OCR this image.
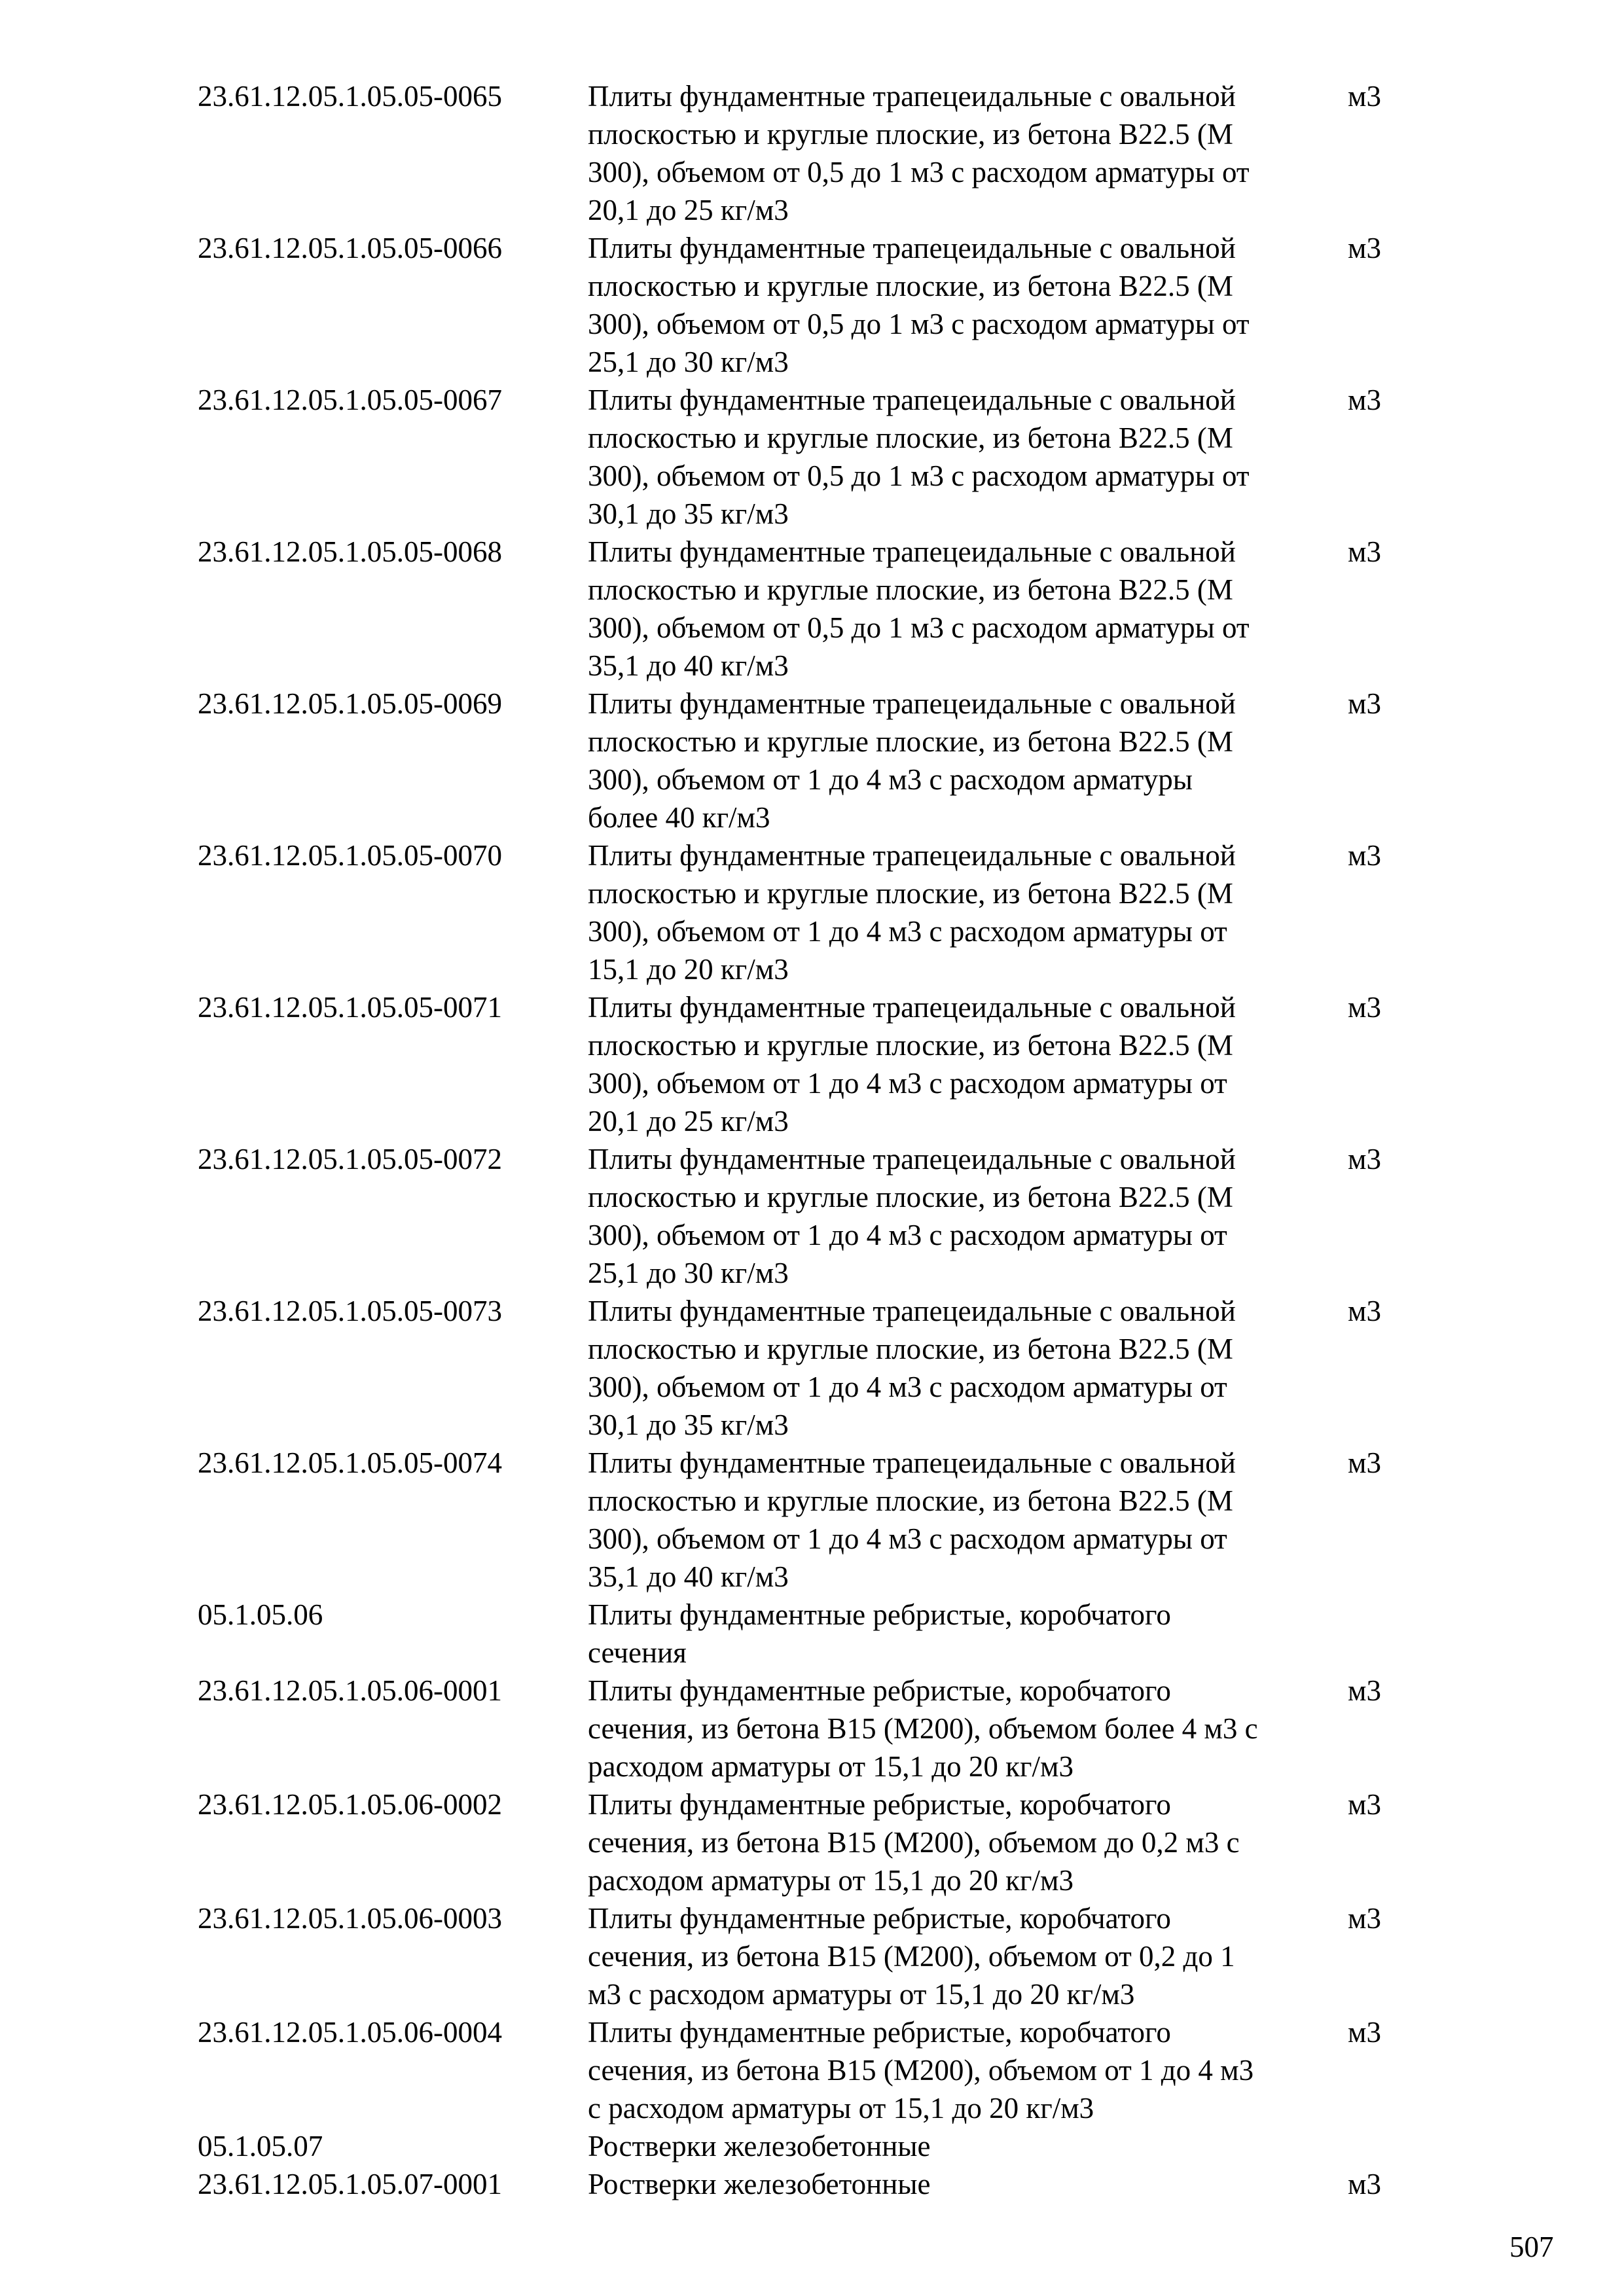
23.61.12.05.1.05.05-0065	Плиты фундаментные трапецеидальные с овальной
плоскостью и круглые плоские, из бетона В22.5 (М
300), объемом от 0,5 до 1 м3 с расходом арматуры от
20,1 до 25 кг/м3
м3
23.61.12.05.1.05.05-0066	Плиты фундаментные трапецеидальные с овальной
плоскостью и круглые плоские, из бетона В22.5 (М
300), объемом от 0,5 до 1 м3 с расходом арматуры от
25,1 до 30 кг/м3
м3
23.61.12.05.1.05.05-0067	Плиты фундаментные трапецеидальные с овальной
плоскостью и круглые плоские, из бетона В22.5 (М
300), объемом от 0,5 до 1 м3 с расходом арматуры от
30,1 до 35 кг/м3
м3
23.61.12.05.1.05.05-0068	Плиты фундаментные трапецеидальные с овальной
плоскостью и круглые плоские, из бетона В22.5 (М
300), объемом от 0,5 до 1 м3 с расходом арматуры от
35,1 до 40 кг/м3
м3
23.61.12.05.1.05.05-0069	Плиты фундаментные трапецеидальные с овальной
плоскостью и круглые плоские, из бетона В22.5 (М
300), объемом от 1 до 4 м3 с расходом арматуры
более 40 кг/м3
м3
23.61.12.05.1.05.05-0070	Плиты фундаментные трапецеидальные с овальной
плоскостью и круглые плоские, из бетона В22.5 (М
300), объемом от 1 до 4 м3 с расходом арматуры от
15,1 до 20 кг/м3
м3
23.61.12.05.1.05.05-0071	Плиты фундаментные трапецеидальные с овальной
плоскостью и круглые плоские, из бетона В22.5 (М
300), объемом от 1 до 4 м3 с расходом арматуры от
20,1 до 25 кг/м3
м3
23.61.12.05.1.05.05-0072	Плиты фундаментные трапецеидальные с овальной
плоскостью и круглые плоские, из бетона В22.5 (М
300), объемом от 1 до 4 м3 с расходом арматуры от
25,1 до 30 кг/м3
м3
23.61.12.05.1.05.05-0073	Плиты фундаментные трапецеидальные с овальной
плоскостью и круглые плоские, из бетона В22.5 (М
300), объемом от 1 до 4 м3 с расходом арматуры от
30,1 до 35 кг/м3
м3
23.61.12.05.1.05.05-0074	Плиты фундаментные трапецеидальные с овальной
плоскостью и круглые плоские, из бетона В22.5 (М
300), объемом от 1 до 4 м3 с расходом арматуры от
35,1 до 40 кг/м3
м3
05.1.05.06	Плиты фундаментные ребристые, коробчатого
сечения
23.61.12.05.1.05.06-0001	Плиты фундаментные ребристые, коробчатого
сечения, из бетона В15 (М200), объемом более 4 м3 с
расходом арматуры от 15,1 до 20 кг/м3
м3
23.61.12.05.1.05.06-0002	Плиты фундаментные ребристые, коробчатого
сечения, из бетона В15 (М200), объемом до 0,2 м3 с
расходом арматуры от 15,1 до 20 кг/м3
м3
23.61.12.05.1.05.06-0003	Плиты фундаментные ребристые, коробчатого
сечения, из бетона В15 (М200), объемом от 0,2 до 1
м3 с расходом арматуры от 15,1 до 20 кг/м3
м3
23.61.12.05.1.05.06-0004	Плиты фундаментные ребристые, коробчатого
сечения, из бетона В15 (М200), объемом от 1 до 4 м3
с расходом арматуры от 15,1 до 20 кг/м3
м3
05.1.05.07	Ростверки железобетонные
23.61.12.05.1.05.07-0001	Ростверки железобетонные	м3
507
